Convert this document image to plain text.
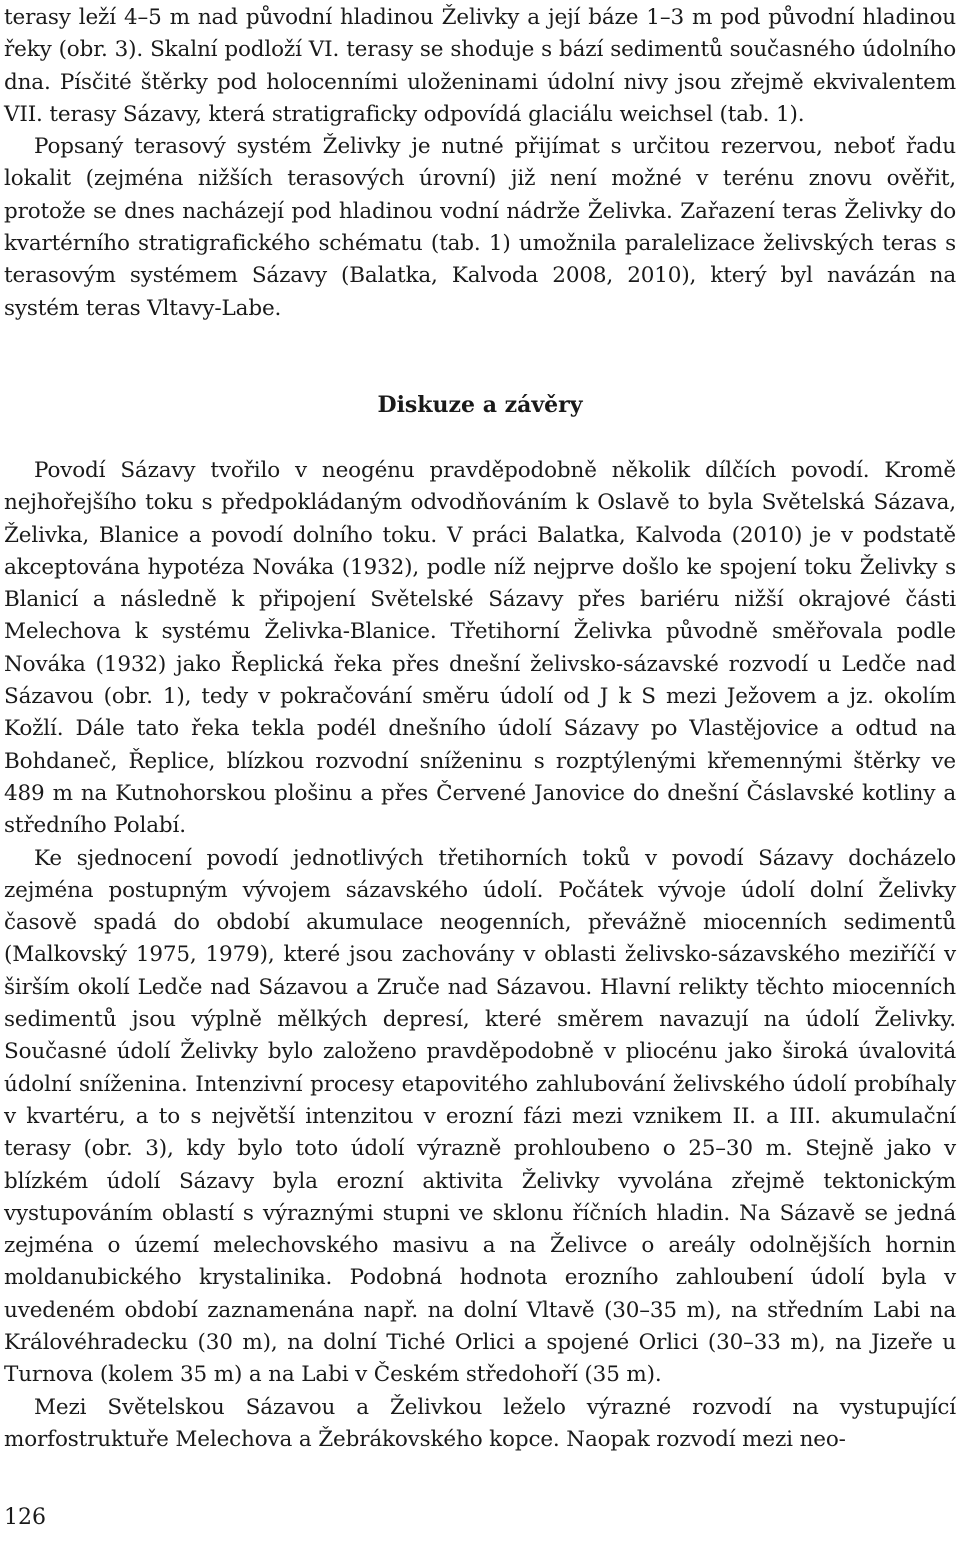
terasy leží 4–5 m nad původní hladinou Želivky a její báze 1–3 m pod původní hladinou řeky (obr. 3). Skalní podloží VI. terasy se shoduje s bází sedimentů současného údolního dna. Písčité štěrky pod holocenními uloženinami údolní nivy jsou zřejmě ekvivalentem VII. terasy Sázavy, která stratigraficky odpovídá glaciálu weichsel (tab. 1).

Popsaný terasový systém Želivky je nutné přijímat s určitou rezervou, neboť řadu lokalit (zejména nižších terasových úrovní) již není možné v terénu znovu ověřit, protože se dnes nacházejí pod hladinou vodní nádrže Želivka. Zařazení teras Želivky do kvartérního stratigrafického schématu (tab. 1) umožnila paralelizace želivských teras s terasovým systémem Sázavy (Balatka, Kalvoda 2008, 2010), který byl navázán na systém teras Vltavy-Labe.

Diskuze a závěry

Povodí Sázavy tvořilo v neogénu pravděpodobně několik dílčích povodí. Kromě nejhořejšího toku s předpokládaným odvodňováním k Oslavě to byla Světelská Sázava, Želivka, Blanice a povodí dolního toku. V práci Balatka, Kalvoda (2010) je v podstatě akceptována hypotéza Nováka (1932), podle níž nejprve došlo ke spojení toku Želivky s Blanicí a následně k připojení Světelské Sázavy přes bariéru nižší okrajové části Melechova k systému Želivka-Blanice. Třetihorní Želivka původně směřovala podle Nováka (1932) jako Řeplická řeka přes dnešní želivsko-sázavské rozvodí u Ledče nad Sázavou (obr. 1), tedy v pokračování směru údolí od J k S mezi Ježovem a jz. okolím Kožlí. Dále tato řeka tekla podél dnešního údolí Sázavy po Vlastějovice a odtud na Bohdaneč, Řeplice, blízkou rozvodní sníženinu s rozptýlenými křemennými štěrky ve 489 m na Kutnohorskou plošinu a přes Červené Janovice do dnešní Čáslavské kotliny a středního Polabí.

Ke sjednocení povodí jednotlivých třetihorních toků v povodí Sázavy docházelo zejména postupným vývojem sázavského údolí. Počátek vývoje údolí dolní Želivky časově spadá do období akumulace neogenních, převážně miocenních sedimentů (Malkovský 1975, 1979), které jsou zachovány v oblasti želivsko-sázavského meziříčí v širším okolí Ledče nad Sázavou a Zruče nad Sázavou. Hlavní relikty těchto miocenních sedimentů jsou výplně mělkých depresí, které směrem navazují na údolí Želivky. Současné údolí Želivky bylo založeno pravděpodobně v pliocénu jako široká úvalovitá údolní sníženina. Intenzivní procesy etapovitého zahlubování želivského údolí probíhaly v kvartéru, a to s největší intenzitou v erozní fázi mezi vznikem II. a III. akumulační terasy (obr. 3), kdy bylo toto údolí výrazně prohloubeno o 25–30 m. Stejně jako v blízkém údolí Sázavy byla erozní aktivita Želivky vyvolána zřejmě tektonickým vystupováním oblastí s výraznými stupni ve sklonu říčních hladin. Na Sázavě se jedná zejména o území melechovského masivu a na Želivce o areály odolnějších hornin moldanubického krystalinika. Podobná hodnota erozního zahloubení údolí byla v uvedeném období zaznamenána např. na dolní Vltavě (30–35 m), na středním Labi na Královéhradecku (30 m), na dolní Tiché Orlici a spojené Orlici (30–33 m), na Jizeře u Turnova (kolem 35 m) a na Labi v Českém středohoří (35 m).

Mezi Světelskou Sázavou a Želivkou leželo výrazné rozvodí na vystupující morfostruktuře Melechova a Žebrákovského kopce. Naopak rozvodí mezi neo-

126
